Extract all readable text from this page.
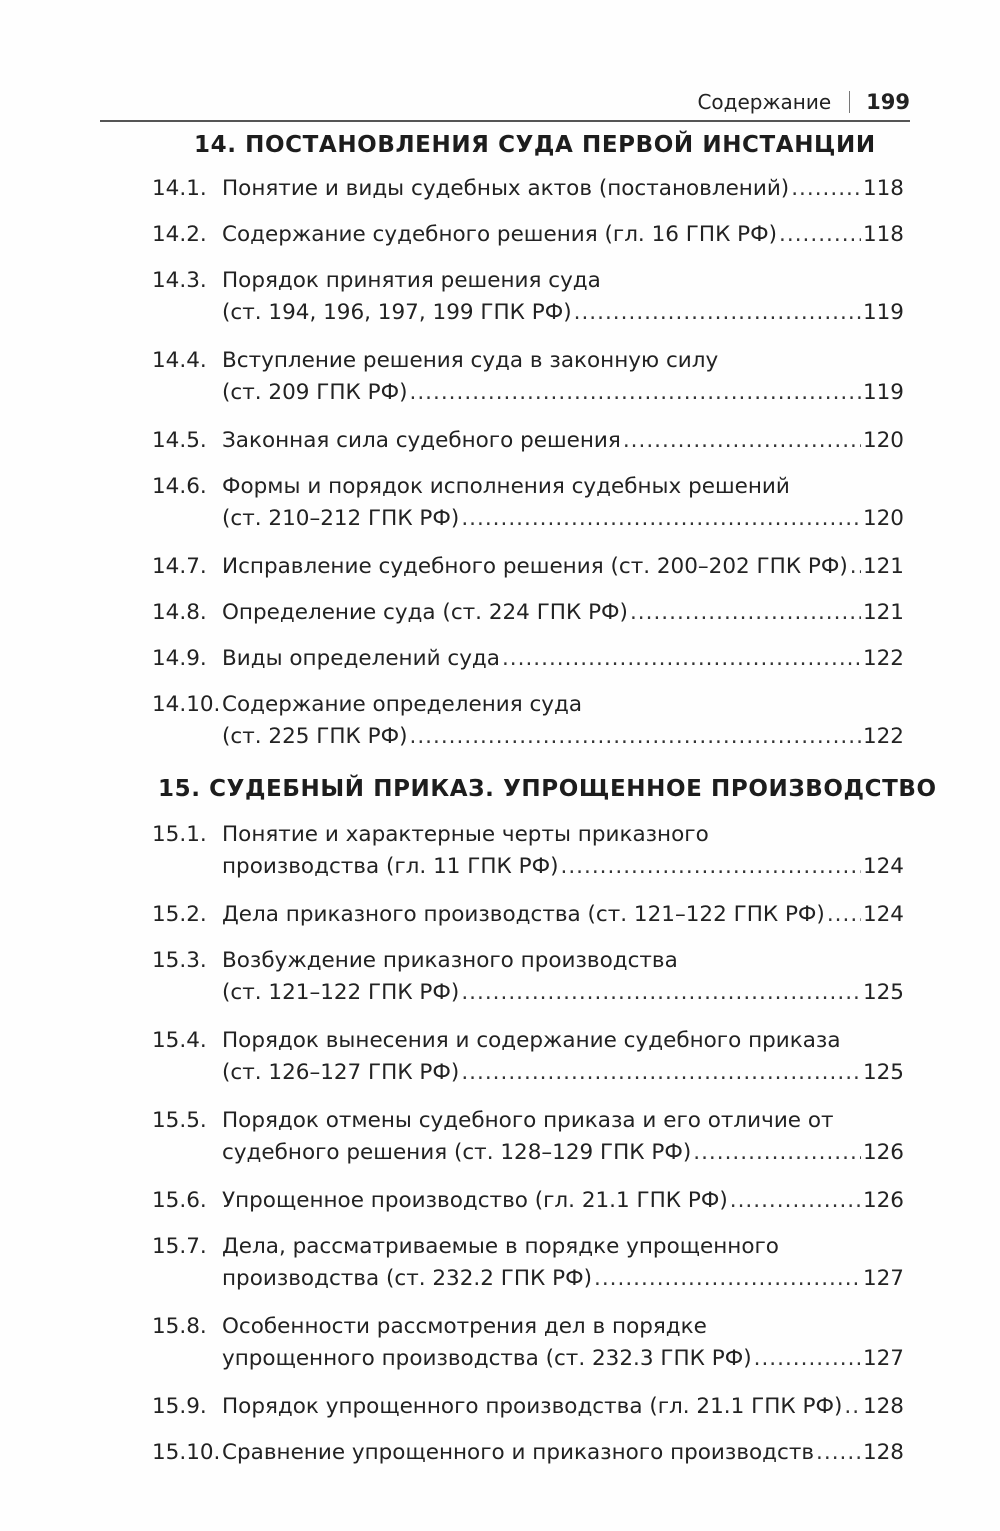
Содержание 199
14. ПОСТАНОВЛЕНИЯ СУДА ПЕРВОЙ ИНСТАНЦИИ
14.1. Понятие и виды судебных актов (постановлений) .....	118
14.2. Содержание судебного решения (гл. 16 ГПК РФ) .....	118
14.3. Порядок принятия решения суда
(ст. 194, 196, 197, 199 ГПК РФ) .....	119
14.4. Вступление решения суда в законную силу
(ст. 209 ГПК РФ) .....	119
14.5. Законная сила судебного решения .....	120
14.6. Формы и порядок исполнения судебных решений
(ст. 210–212 ГПК РФ) .....	120
14.7. Исправление судебного решения (ст. 200–202 ГПК РФ) ..... 121
14.8. Определение суда (ст. 224 ГПК РФ) .....	121
14.9. Виды определений суда .....	122
14.10. Содержание определения суда
(ст. 225 ГПК РФ) .....	122
15. СУДЕБНЫЙ ПРИКАЗ. УПРОЩЕННОЕ ПРОИЗВОДСТВО
15.1. Понятие и характерные черты приказного
производства (гл. 11 ГПК РФ) .....	124
15.2. Дела приказного производства (ст. 121–122 ГПК РФ) ..... 124
15.3. Возбуждение приказного производства
(ст. 121–122 ГПК РФ) .....	125
15.4. Порядок вынесения и содержание судебного приказа
(ст. 126–127 ГПК РФ) .....	125
15.5. Порядок отмены судебного приказа и его отличие от
судебного решения (ст. 128–129 ГПК РФ) .....	126
15.6. Упрощенное производство (гл. 21.1 ГПК РФ) .....	126
15.7. Дела, рассматриваемые в порядке упрощенного
производства (ст. 232.2 ГПК РФ) .....	127
15.8. Особенности рассмотрения дел в порядке
упрощенного производства (ст. 232.3 ГПК РФ) .....	127
15.9. Порядок упрощенного производства (гл. 21.1 ГПК РФ) ..... 128
15.10. Сравнение упрощенного и приказного производств ..... 128
